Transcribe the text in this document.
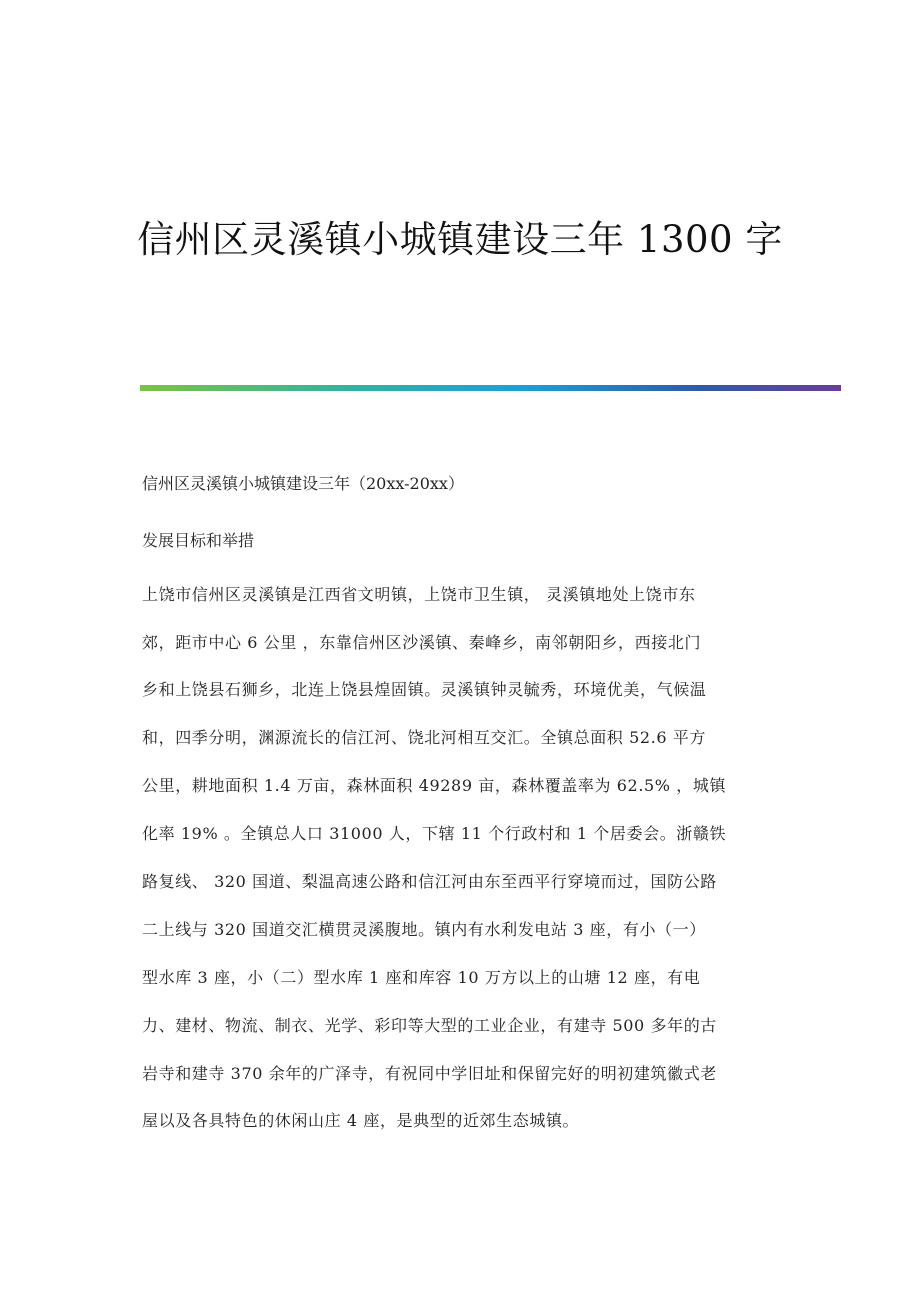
信州区灵溪镇小城镇建设三年 1300 字
信州区灵溪镇小城镇建设三年（20xx-20xx）
发展目标和举措
上饶市信州区灵溪镇是江西省文明镇，上饶市卫生镇， 灵溪镇地处上饶市东
郊，距市中心 6 公里 ，东靠信州区沙溪镇、秦峰乡，南邻朝阳乡，西接北门
乡和上饶县石狮乡，北连上饶县煌固镇。灵溪镇钟灵毓秀，环境优美，气候温
和，四季分明，渊源流长的信江河、饶北河相互交汇。全镇总面积 52.6 平方
公里，耕地面积 1.4 万亩，森林面积 49289 亩，森林覆盖率为 62.5% ，城镇
化率 19% 。全镇总人口 31000 人，下辖 11 个行政村和 1 个居委会。浙赣铁
路复线、 320 国道、梨温高速公路和信江河由东至西平行穿境而过，国防公路
二上线与 320 国道交汇横贯灵溪腹地。镇内有水利发电站 3 座，有小（一）
型水库 3 座，小（二）型水库 1 座和库容 10 万方以上的山塘 12 座，有电
力、建材、物流、制衣、光学、彩印等大型的工业企业，有建寺 500 多年的古
岩寺和建寺 370 余年的广泽寺，有祝同中学旧址和保留完好的明初建筑徽式老
屋以及各具特色的休闲山庄 4 座，是典型的近郊生态城镇。
